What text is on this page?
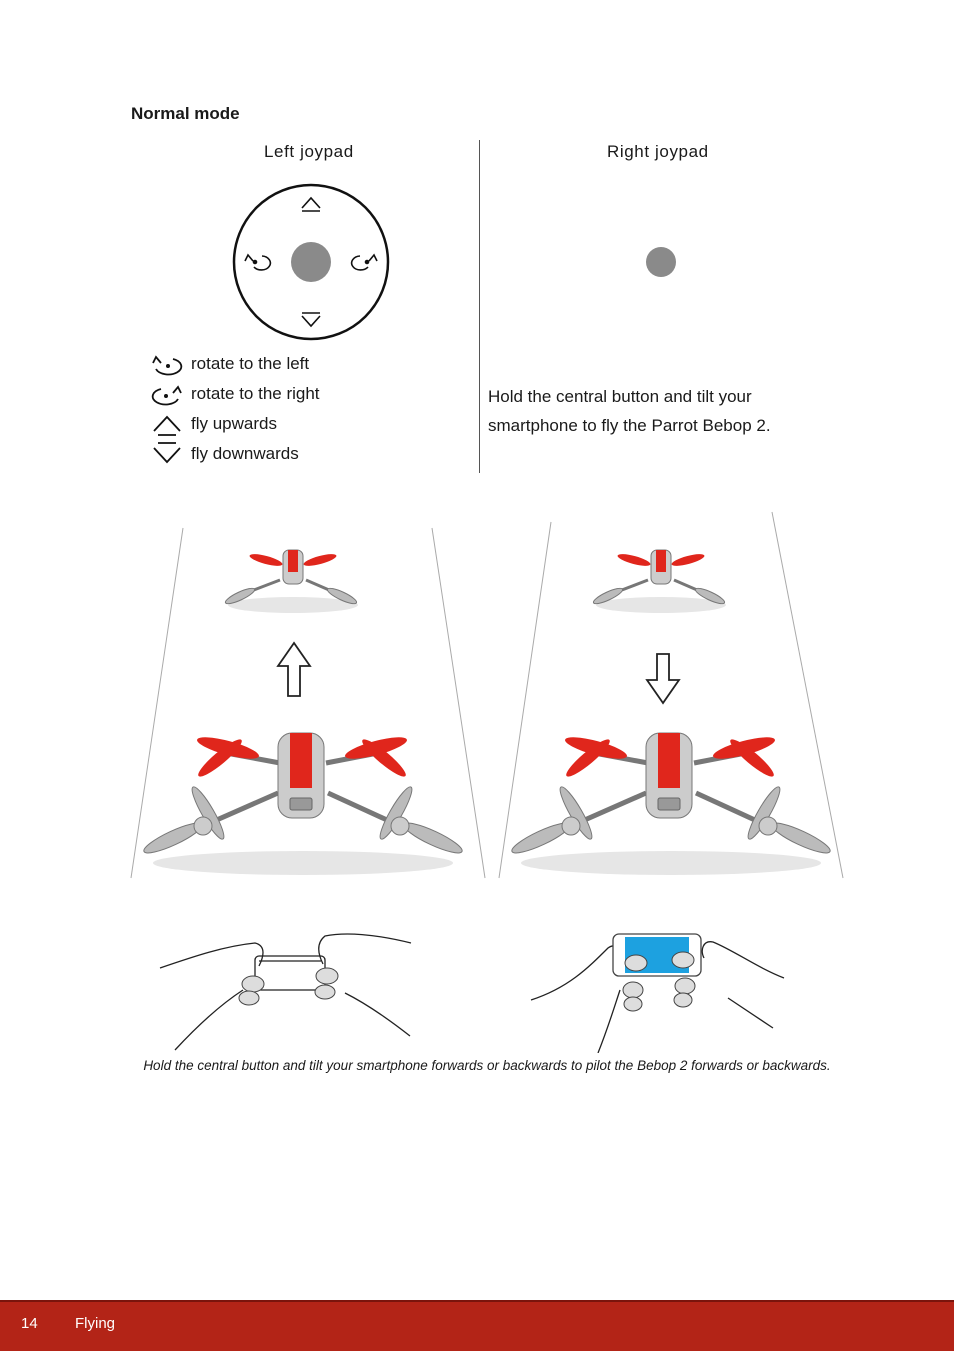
Normal mode
Left joypad	Right joypad
rotate to the left
rotate to the right
fly upwards
fly downwards
Hold the central button and tilt your smartphone to fly the Parrot Bebop 2.
Hold the central button and tilt your smartphone forwards or backwards to pilot the Bebop 2 forwards or backwards.
14 Flying
